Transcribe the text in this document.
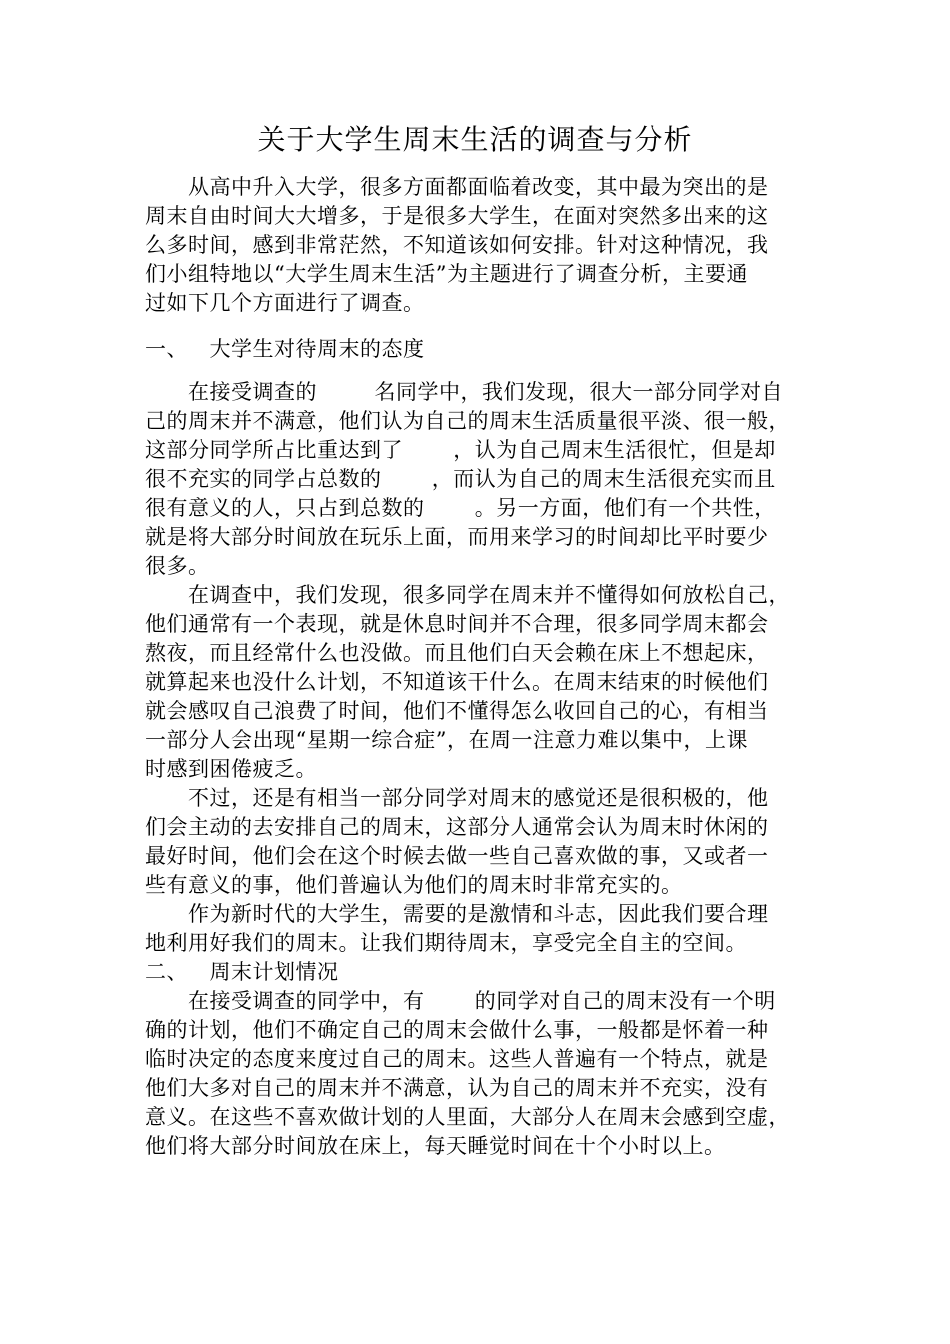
关于大学生周末生活的调查与分析
从高中升入大学，很多方面都面临着改变，其中最为突出的是
周末自由时间大大增多，于是很多大学生，在面对突然多出来的这
么多时间，感到非常茫然，不知道该如何安排。针对这种情况，我
们小组特地以“大学生周末生活”为主题进行了调查分析，主要通
过如下几个方面进行了调查。
一、   大学生对待周末的态度
在接受调查的        名同学中，我们发现，很大一部分同学对自
己的周末并不满意，他们认为自己的周末生活质量很平淡、很一般，
这部分同学所占比重达到了       ，认为自己周末生活很忙，但是却
很不充实的同学占总数的       ，而认为自己的周末生活很充实而且
很有意义的人，只占到总数的       。另一方面，他们有一个共性，
就是将大部分时间放在玩乐上面，而用来学习的时间却比平时要少
很多。
在调查中，我们发现，很多同学在周末并不懂得如何放松自己，
他们通常有一个表现，就是休息时间并不合理，很多同学周末都会
熬夜，而且经常什么也没做。而且他们白天会赖在床上不想起床，
就算起来也没什么计划，不知道该干什么。在周末结束的时候他们
就会感叹自己浪费了时间，他们不懂得怎么收回自己的心，有相当
一部分人会出现“星期一综合症”，在周一注意力难以集中，上课
时感到困倦疲乏。
不过，还是有相当一部分同学对周末的感觉还是很积极的，他
们会主动的去安排自己的周末，这部分人通常会认为周末时休闲的
最好时间，他们会在这个时候去做一些自己喜欢做的事，又或者一
些有意义的事，他们普遍认为他们的周末时非常充实的。
作为新时代的大学生，需要的是激情和斗志，因此我们要合理
地利用好我们的周末。让我们期待周末，享受完全自主的空间。
二、   周末计划情况
在接受调查的同学中，有       的同学对自己的周末没有一个明
确的计划，他们不确定自己的周末会做什么事，一般都是怀着一种
临时决定的态度来度过自己的周末。这些人普遍有一个特点，就是
他们大多对自己的周末并不满意，认为自己的周末并不充实，没有
意义。在这些不喜欢做计划的人里面，大部分人在周末会感到空虚，
他们将大部分时间放在床上，每天睡觉时间在十个小时以上。
